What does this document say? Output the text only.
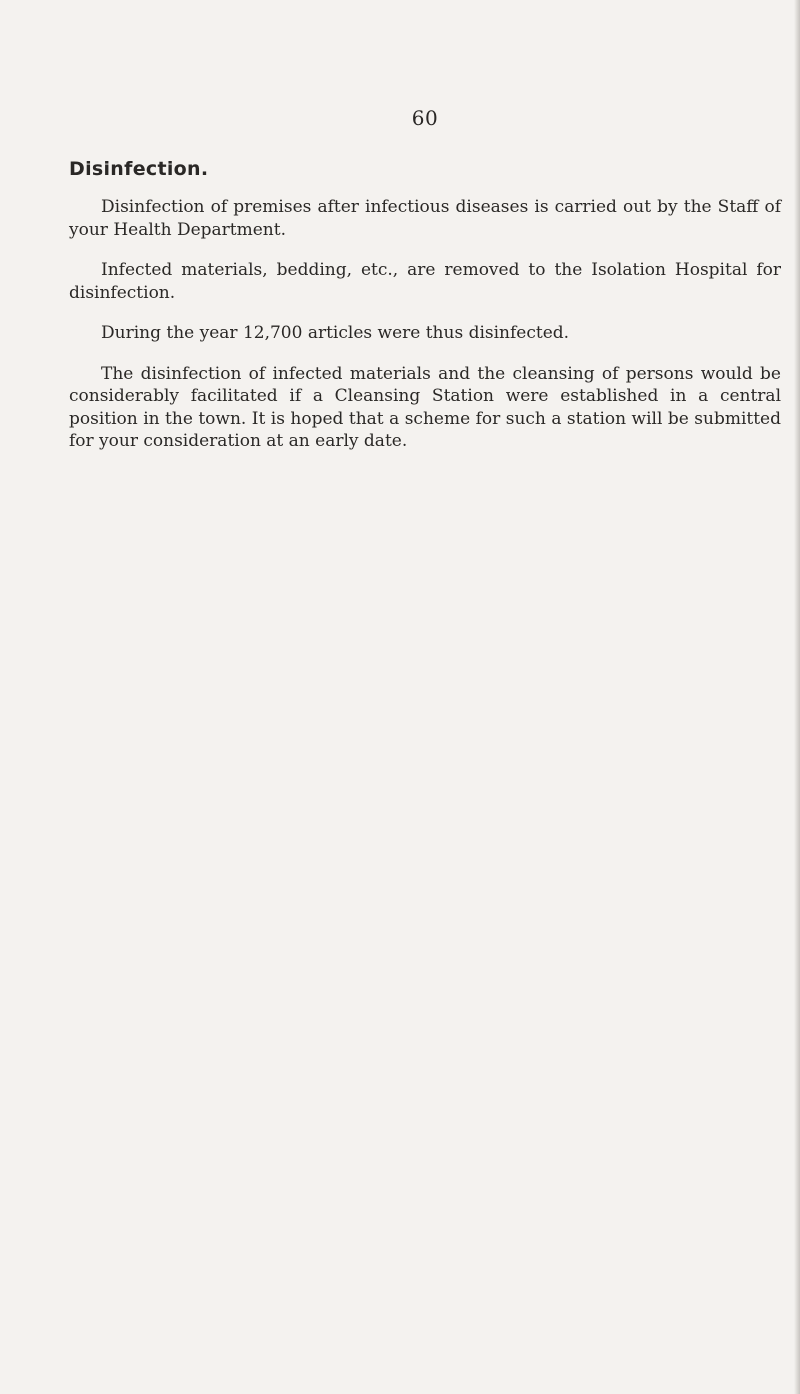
60
Disinfection.

Disinfection of premises after infectious diseases is carried out by the Staff of your Health Department.

Infected materials, bedding, etc., are removed to the Isolation Hospital for disinfection.

During the year 12,700 articles were thus disinfected.

The disinfection of infected materials and the cleansing of persons would be considerably facilitated if a Cleansing Station were established in a central position in the town. It is hoped that a scheme for such a station will be submitted for your consideration at an early date.
